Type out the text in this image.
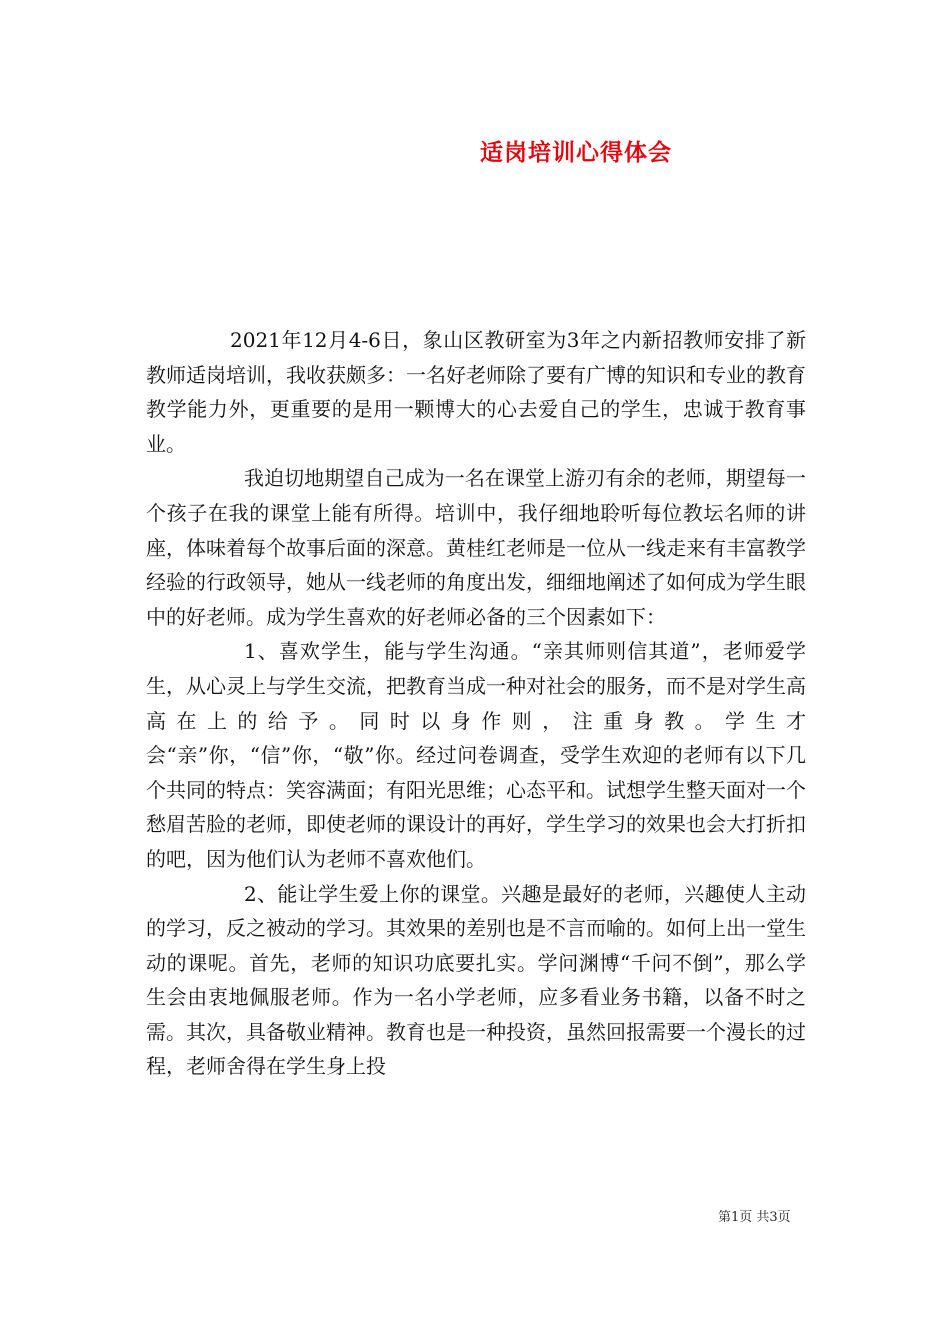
适岗培训心得体会

2021年12月4-6日，象山区教研室为3年之内新招教师安排了新教师适岗培训，我收获颇多：一名好老师除了要有广博的知识和专业的教育教学能力外，更重要的是用一颗博大的心去爱自己的学生，忠诚于教育事业。

我迫切地期望自己成为一名在课堂上游刃有余的老师，期望每一个孩子在我的课堂上能有所得。培训中，我仔细地聆听每位教坛名师的讲座，体味着每个故事后面的深意。黄桂红老师是一位从一线走来有丰富教学经验的行政领导，她从一线老师的角度出发，细细地阐述了如何成为学生眼中的好老师。成为学生喜欢的好老师必备的三个因素如下：

1、喜欢学生，能与学生沟通。“亲其师则信其道”，老师爱学生，从心灵上与学生交流，把教育当成一种对社会的服务，而不是对学生高高在上的给予。同时以身作则，注重身教。学生才会“亲”你，“信”你，“敬”你。经过问卷调查，受学生欢迎的老师有以下几个共同的特点：笑容满面；有阳光思维；心态平和。试想学生整天面对一个愁眉苦脸的老师，即使老师的课设计的再好，学生学习的效果也会大打折扣的吧，因为他们认为老师不喜欢他们。

2、能让学生爱上你的课堂。兴趣是最好的老师，兴趣使人主动的学习，反之被动的学习。其效果的差别也是不言而喻的。如何上出一堂生动的课呢。首先，老师的知识功底要扎实。学问渊博“千问不倒”，那么学生会由衷地佩服老师。作为一名小学老师，应多看业务书籍，以备不时之需。其次，具备敬业精神。教育也是一种投资，虽然回报需要一个漫长的过程，老师舍得在学生身上投

第1页 共3页
